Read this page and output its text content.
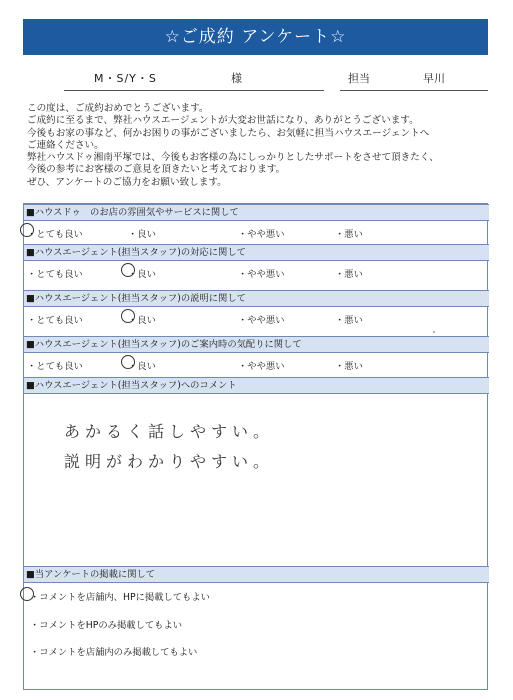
☆ご成約 アンケート☆
M・S/Y・S	様	担当	早川
この度は、ご成約おめでとうございます。
ご成約に至るまで、弊社ハウスエージェントが大変お世話になり、ありがとうございます。
今後もお家の事など、何かお困りの事がございましたら、お気軽に担当ハウスエージェントへ
ご連絡ください。
弊社ハウスドゥ湘南平塚では、今後もお客様の為にしっかりとしたサポートをさせて頂きたく、
今後の参考にお客様のご意見を頂きたいと考えております。
ぜひ、アンケートのご協力をお願い致します。
■ハウスドゥ　のお店の雰囲気やサービスに関して
・とても良い	・良い	・やや悪い	・悪い
■ハウスエージェント(担当スタッフ)の対応に関して
・とても良い	・良い	・やや悪い	・悪い
■ハウスエージェント(担当スタッフ)の説明に関して
・とても良い	・良い	・やや悪い	・悪い
■ハウスエージェント(担当スタッフ)のご案内時の気配りに関して
・とても良い	・良い	・やや悪い	・悪い
■ハウスエージェント(担当スタッフ)へのコメント
あかるく話しやすい。
説明がわかりやすい。
■当アンケートの掲載に関して
・コメントを店舗内、HPに掲載してもよい
・コメントをHPのみ掲載してもよい
・コメントを店舗内のみ掲載してもよい
